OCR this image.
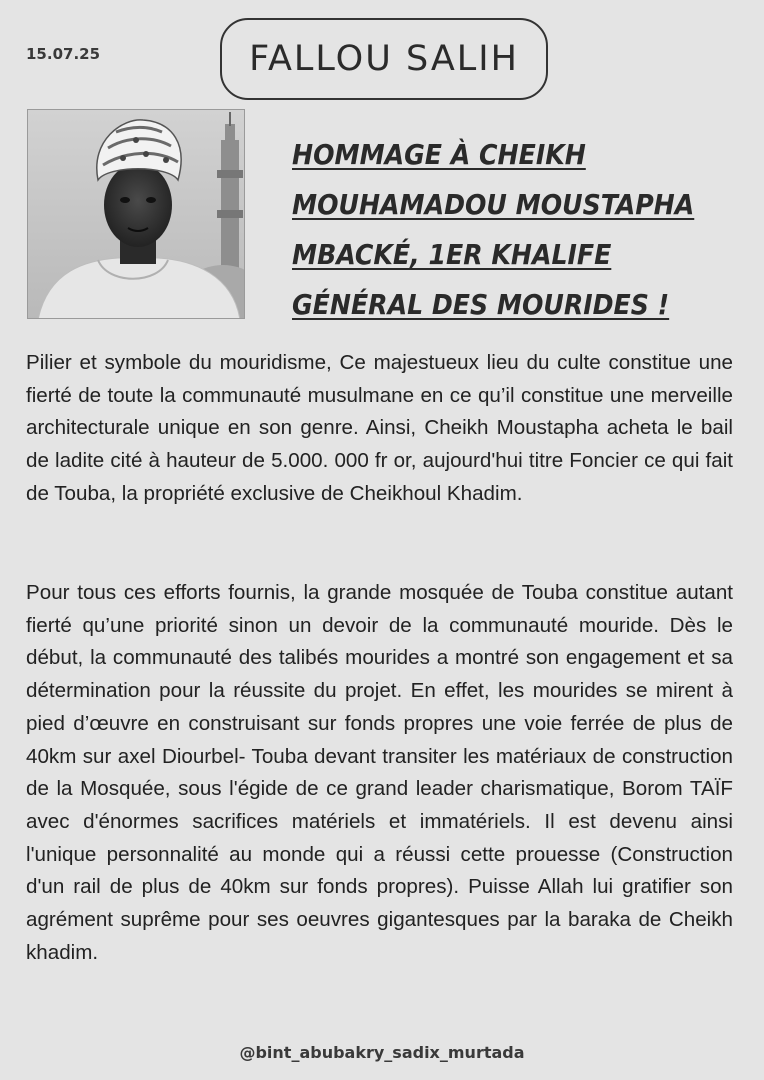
15.07.25	FALLOU SALIH
HOMMAGE À CHEIKH MOUHAMADOU MOUSTAPHA MBACKÉ, 1ER KHALIFE GÉNÉRAL DES MOURIDES !

Pilier et symbole du mouridisme, Ce majestueux lieu du culte constitue une fierté de toute la communauté musulmane en ce qu’il constitue une merveille architecturale unique en son genre. Ainsi, Cheikh Moustapha acheta le bail de ladite cité à hauteur de 5.000. 000 fr or, aujourd'hui titre Foncier ce qui fait de Touba, la propriété exclusive de Cheikhoul Khadim.

Pour tous ces efforts fournis, la grande mosquée de Touba constitue autant fierté qu’une priorité sinon un devoir de la communauté mouride. Dès le début, la communauté des talibés mourides a montré son engagement et sa détermination pour la réussite du projet. En effet, les mourides se mirent à pied d’œuvre en construisant sur fonds propres une voie ferrée de plus de 40km sur axel Diourbel- Touba devant transiter les matériaux de construction de la Mosquée, sous l'égide de ce grand leader charismatique, Borom TAÏF avec d'énormes sacrifices matériels et immatériels. Il est devenu ainsi l'unique personnalité au monde qui a réussi cette prouesse (Construction d'un rail de plus de 40km sur fonds propres). Puisse Allah lui gratifier son agrément suprême pour ses oeuvres gigantesques par la baraka de Cheikh khadim.

@bint_abubakry_sadix_murtada
